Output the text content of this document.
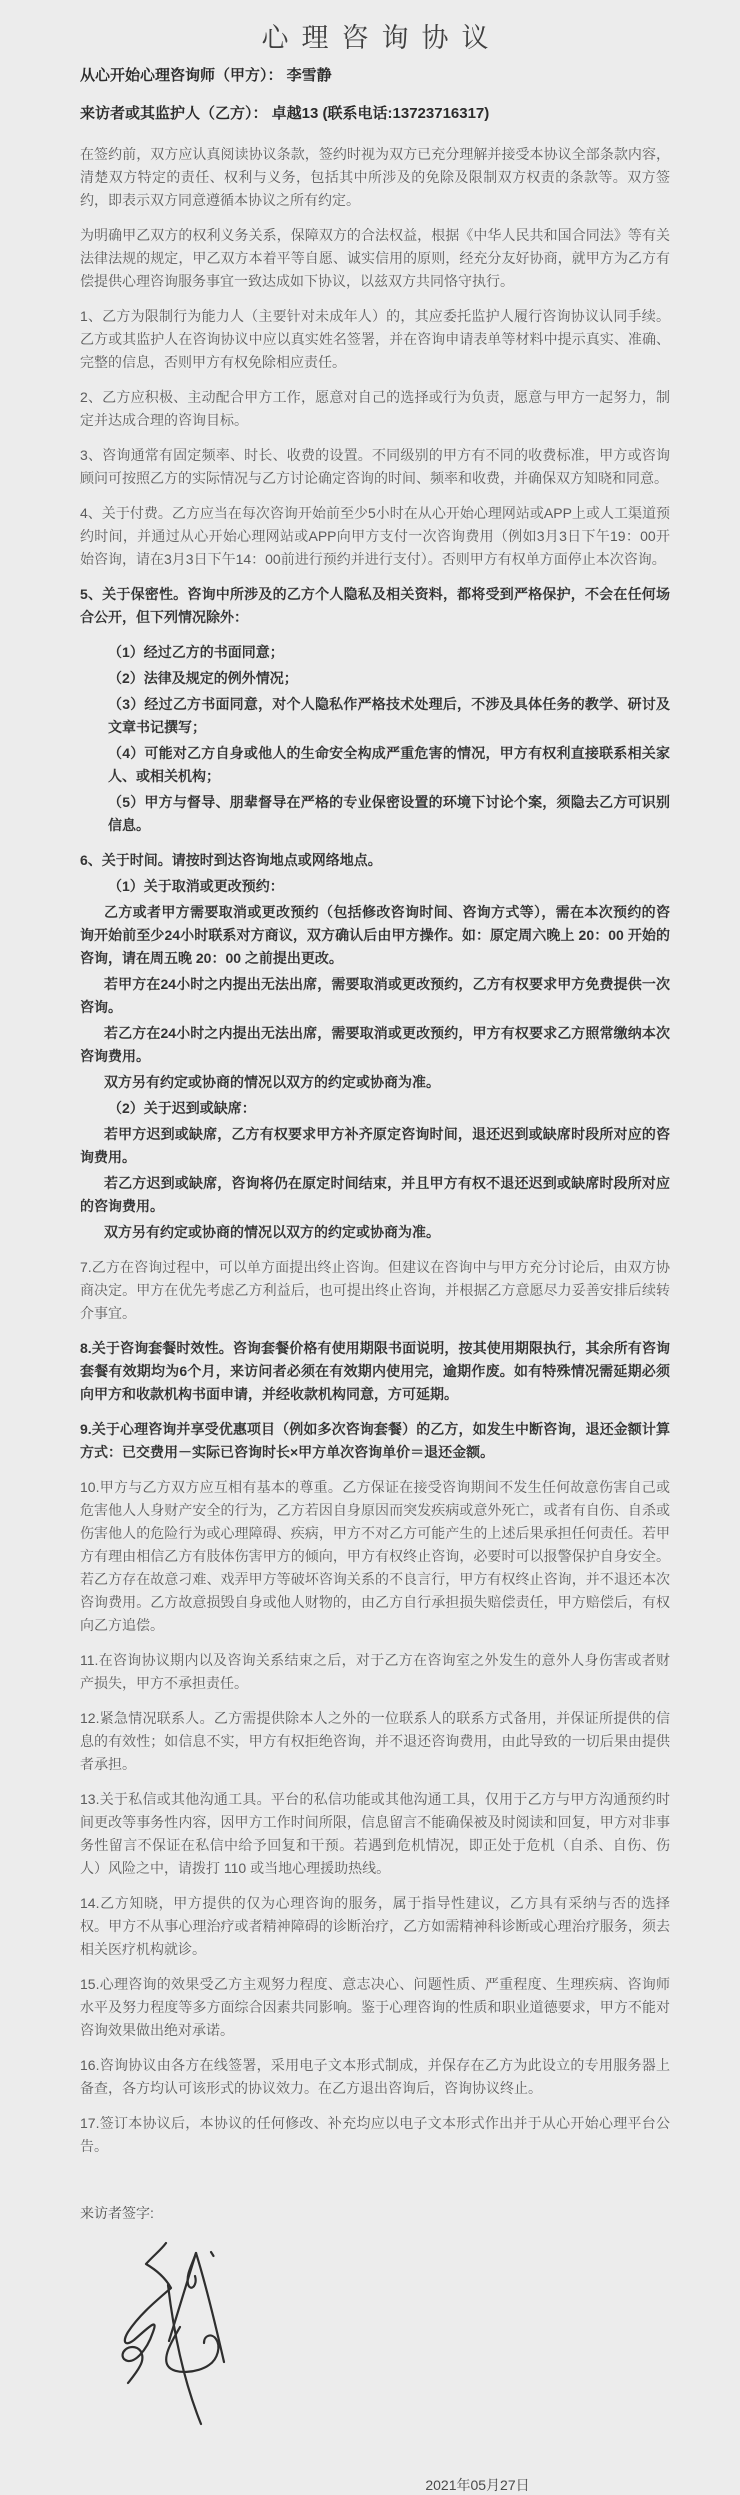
心理咨询协议

从心开始心理咨询师（甲方）： 李雪静

来访者或其监护人（乙方）： 卓越13 (联系电话:13723716317)

在签约前，双方应认真阅读协议条款，签约时视为双方已充分理解并接受本协议全部条款内容，清楚双方特定的责任、权利与义务，包括其中所涉及的免除及限制双方权责的条款等。双方签约，即表示双方同意遵循本协议之所有约定。

为明确甲乙双方的权利义务关系，保障双方的合法权益，根据《中华人民共和国合同法》等有关法律法规的规定，甲乙双方本着平等自愿、诚实信用的原则，经充分友好协商，就甲方为乙方有偿提供心理咨询服务事宜一致达成如下协议，以兹双方共同恪守执行。

1、乙方为限制行为能力人（主要针对未成年人）的，其应委托监护人履行咨询协议认同手续。乙方或其监护人在咨询协议中应以真实姓名签署，并在咨询申请表单等材料中提示真实、准确、完整的信息，否则甲方有权免除相应责任。

2、乙方应积极、主动配合甲方工作，愿意对自己的选择或行为负责，愿意与甲方一起努力，制定并达成合理的咨询目标。

3、咨询通常有固定频率、时长、收费的设置。不同级别的甲方有不同的收费标准，甲方或咨询顾问可按照乙方的实际情况与乙方讨论确定咨询的时间、频率和收费，并确保双方知晓和同意。

4、关于付费。乙方应当在每次咨询开始前至少5小时在从心开始心理网站或APP上或人工渠道预约时间，并通过从心开始心理网站或APP向甲方支付一次咨询费用（例如3月3日下午19：00开始咨询，请在3月3日下午14：00前进行预约并进行支付）。否则甲方有权单方面停止本次咨询。

5、关于保密性。咨询中所涉及的乙方个人隐私及相关资料，都将受到严格保护，不会在任何场合公开，但下列情况除外：

（1）经过乙方的书面同意；

（2）法律及规定的例外情况；

（3）经过乙方书面同意，对个人隐私作严格技术处理后，不涉及具体任务的教学、研讨及文章书记撰写；

（4）可能对乙方自身或他人的生命安全构成严重危害的情况，甲方有权利直接联系相关家人、或相关机构；

（5）甲方与督导、朋辈督导在严格的专业保密设置的环境下讨论个案，须隐去乙方可识别信息。

6、关于时间。请按时到达咨询地点或网络地点。

（1）关于取消或更改预约：

乙方或者甲方需要取消或更改预约（包括修改咨询时间、咨询方式等），需在本次预约的咨询开始前至少24小时联系对方商议，双方确认后由甲方操作。如：原定周六晚上 20：00 开始的咨询，请在周五晚 20：00 之前提出更改。

若甲方在24小时之内提出无法出席，需要取消或更改预约，乙方有权要求甲方免费提供一次咨询。

若乙方在24小时之内提出无法出席，需要取消或更改预约，甲方有权要求乙方照常缴纳本次咨询费用。

双方另有约定或协商的情况以双方的约定或协商为准。

（2）关于迟到或缺席：

若甲方迟到或缺席，乙方有权要求甲方补齐原定咨询时间，退还迟到或缺席时段所对应的咨询费用。

若乙方迟到或缺席，咨询将仍在原定时间结束，并且甲方有权不退还迟到或缺席时段所对应的咨询费用。

双方另有约定或协商的情况以双方的约定或协商为准。

7.乙方在咨询过程中，可以单方面提出终止咨询。但建议在咨询中与甲方充分讨论后，由双方协商决定。甲方在优先考虑乙方利益后，也可提出终止咨询，并根据乙方意愿尽力妥善安排后续转介事宜。

8.关于咨询套餐时效性。咨询套餐价格有使用期限书面说明，按其使用期限执行，其余所有咨询套餐有效期均为6个月，来访问者必须在有效期内使用完，逾期作废。如有特殊情况需延期必须向甲方和收款机构书面申请，并经收款机构同意，方可延期。

9.关于心理咨询并享受优惠项目（例如多次咨询套餐）的乙方，如发生中断咨询，退还金额计算方式：已交费用－实际已咨询时长×甲方单次咨询单价＝退还金额。

10.甲方与乙方双方应互相有基本的尊重。乙方保证在接受咨询期间不发生任何故意伤害自己或危害他人人身财产安全的行为，乙方若因自身原因而突发疾病或意外死亡，或者有自伤、自杀或伤害他人的危险行为或心理障碍、疾病，甲方不对乙方可能产生的上述后果承担任何责任。若甲方有理由相信乙方有肢体伤害甲方的倾向，甲方有权终止咨询，必要时可以报警保护自身安全。若乙方存在故意刁难、戏弄甲方等破坏咨询关系的不良言行，甲方有权终止咨询，并不退还本次咨询费用。乙方故意损毁自身或他人财物的，由乙方自行承担损失赔偿责任，甲方赔偿后，有权向乙方追偿。

11.在咨询协议期内以及咨询关系结束之后，对于乙方在咨询室之外发生的意外人身伤害或者财产损失，甲方不承担责任。

12.紧急情况联系人。乙方需提供除本人之外的一位联系人的联系方式备用，并保证所提供的信息的有效性；如信息不实，甲方有权拒绝咨询，并不退还咨询费用，由此导致的一切后果由提供者承担。

13.关于私信或其他沟通工具。平台的私信功能或其他沟通工具，仅用于乙方与甲方沟通预约时间更改等事务性内容，因甲方工作时间所限，信息留言不能确保被及时阅读和回复，甲方对非事务性留言不保证在私信中给予回复和干预。若遇到危机情况，即正处于危机（自杀、自伤、伤人）风险之中，请拨打 110 或当地心理援助热线。

14.乙方知晓，甲方提供的仅为心理咨询的服务，属于指导性建议，乙方具有采纳与否的选择权。甲方不从事心理治疗或者精神障碍的诊断治疗，乙方如需精神科诊断或心理治疗服务，须去相关医疗机构就诊。

15.心理咨询的效果受乙方主观努力程度、意志决心、问题性质、严重程度、生理疾病、咨询师水平及努力程度等多方面综合因素共同影响。鉴于心理咨询的性质和职业道德要求，甲方不能对咨询效果做出绝对承诺。

16.咨询协议由各方在线签署，采用电子文本形式制成，并保存在乙方为此设立的专用服务器上备查，各方均认可该形式的协议效力。在乙方退出咨询后，咨询协议终止。

17.签订本协议后，本协议的任何修改、补充均应以电子文本形式作出并于从心开始心理平台公告。

来访者签字:

2021年05月27日
